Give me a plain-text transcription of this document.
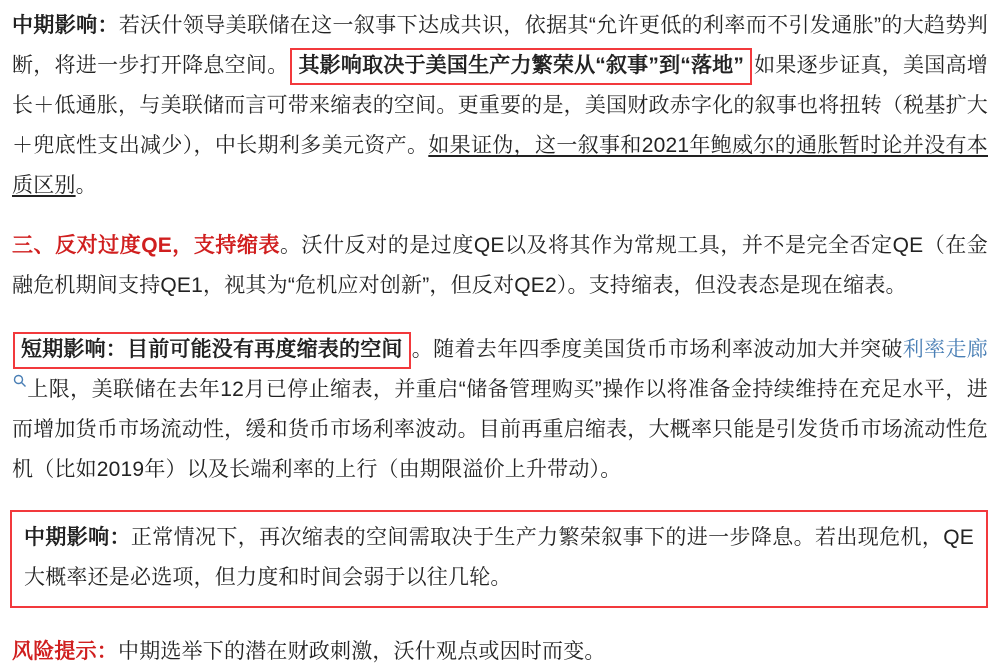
中期影响：若沃什领导美联储在这一叙事下达成共识，依据其“允许更低的利率而不引发通胀”的大趋势判断，将进一步打开降息空间。 其影响取决于美国生产力繁荣从“叙事”到“落地” 如果逐步证真，美国高增长＋低通胀，与美联储而言可带来缩表的空间。更重要的是，美国财政赤字化的叙事也将扭转（税基扩大＋兜底性支出减少），中长期利多美元资产。如果证伪，这一叙事和2021年鲍威尔的通胀暂时论并没有本质区别。
三、反对过度QE，支持缩表。沃什反对的是过度QE以及将其作为常规工具，并不是完全否定QE（在金融危机期间支持QE1，视其为“危机应对创新”，但反对QE2）。支持缩表，但没表态是现在缩表。
短期影响：目前可能没有再度缩表的空间 。随着去年四季度美国货币市场利率波动加大并突破利率走廊
上限，美联储在去年12月已停止缩表，并重启“储备管理购买”操作以将准备金持续维持在充足水平，进而增加货币市场流动性，缓和货币市场利率波动。目前再重启缩表，大概率只能是引发货币市场流动性危机（比如2019年）以及长端利率的上行（由期限溢价上升带动）。
中期影响：正常情况下，再次缩表的空间需取决于生产力繁荣叙事下的进一步降息。若出现危机，QE大概率还是必选项，但力度和时间会弱于以往几轮。
风险提示：中期选举下的潜在财政刺激，沃什观点或因时而变。
